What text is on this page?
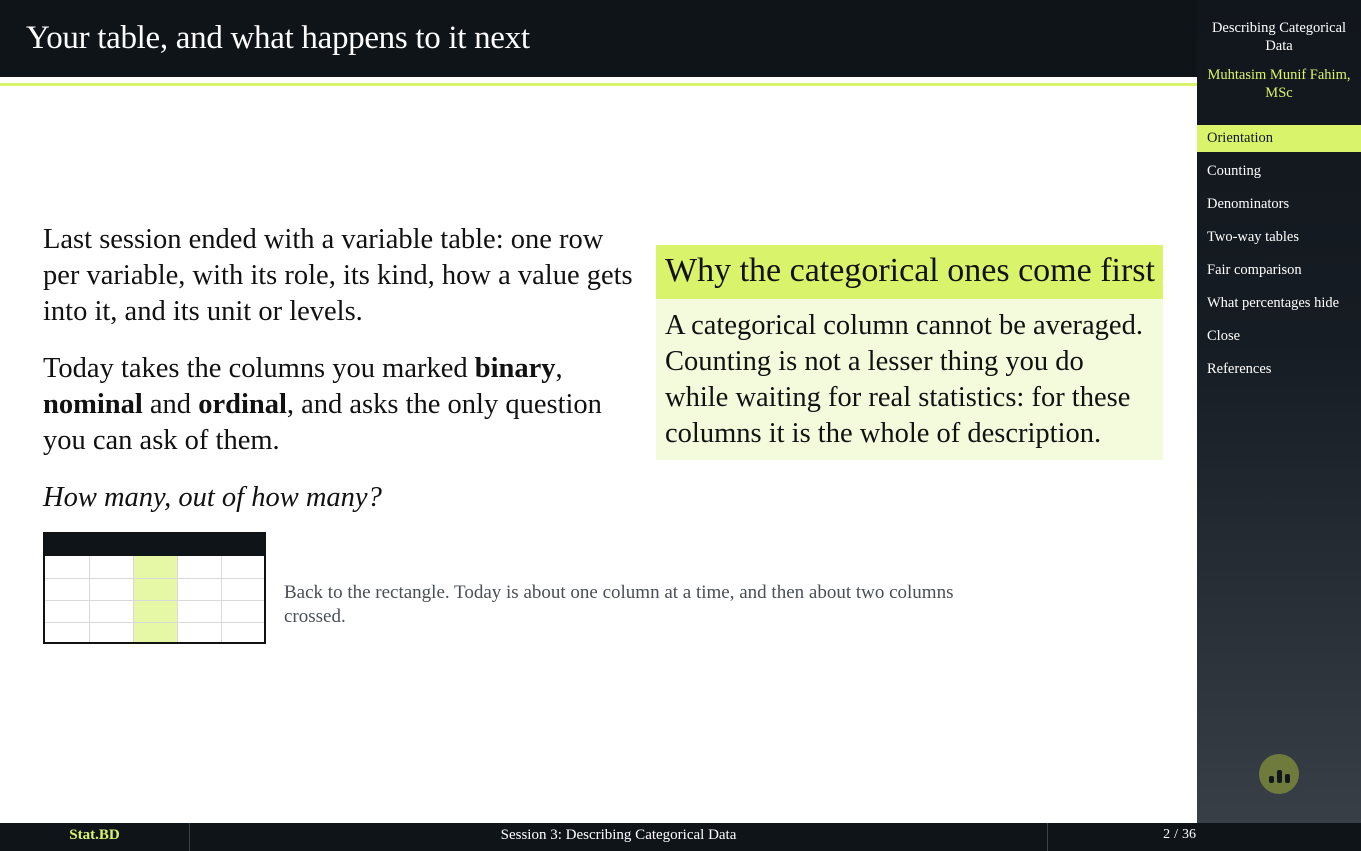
Your table, and what happens to it next

Last session ended with a variable table: one row per variable, with its role, its kind, how a value gets into it, and its unit or levels.

Today takes the columns you marked binary, nominal and ordinal, and asks the only question you can ask of them.

How many, out of how many?

Why the categorical ones come first
A categorical column cannot be averaged. Counting is not a lesser thing you do while waiting for real statistics: for these columns it is the whole of description.
Back to the rectangle. Today is about one column at a time, and then about two columns crossed.
Describing Categorical Data
Muhtasim Munif Fahim, MSc
Orientation
Counting
Denominators
Two-way tables
Fair comparison
What percentages hide
Close
References
Stat.BD	Session 3: Describing Categorical Data	2 / 36
